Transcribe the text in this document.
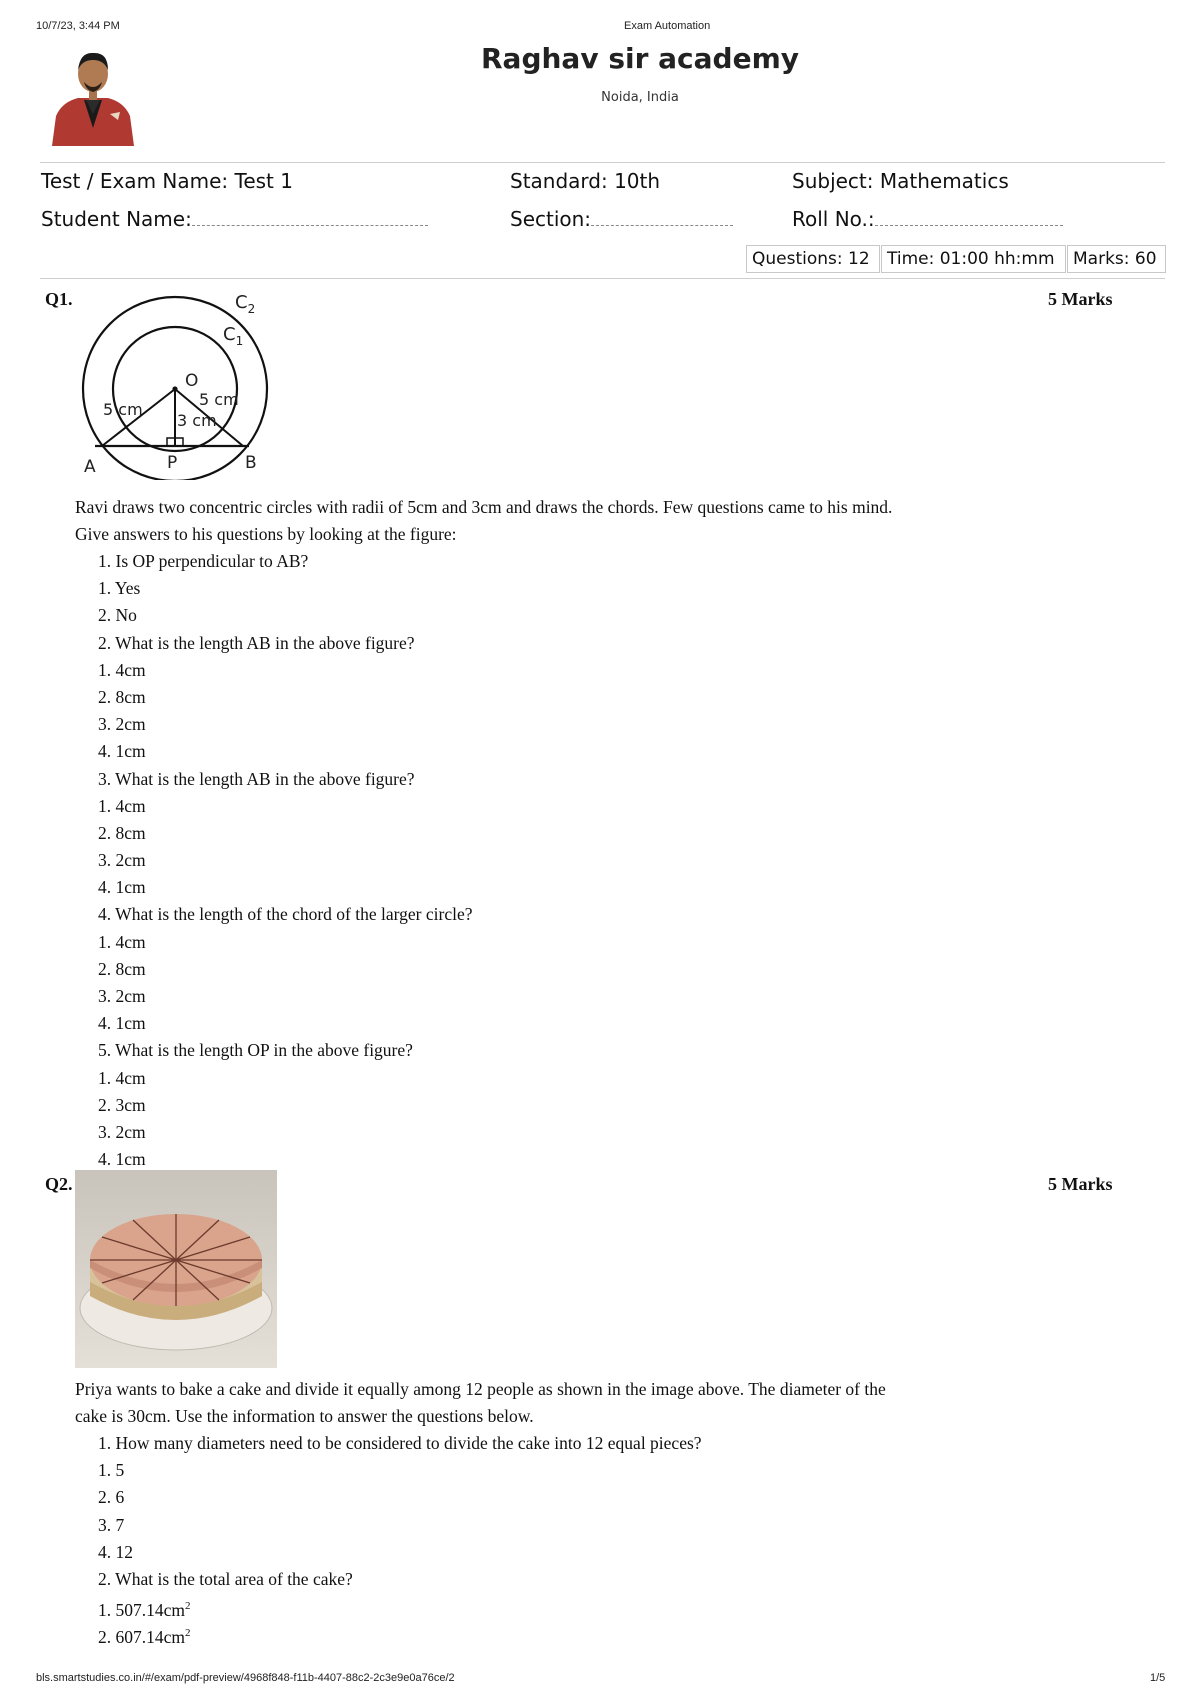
10/7/23, 3:44 PM	Exam Automation
Raghav sir academy
Noida, India
Test / Exam Name: Test 1	Standard: 10th	Subject: Mathematics
Student Name:	Section:	Roll No.:
Questions: 12	Time: 01:00 hh:mm	Marks: 60
Q1.	5 Marks
$C_2$
$C_1$
O
5 cm
5 cm
3 cm
A	P	B
Ravi draws two concentric circles with radii of 5cm and 3cm and draws the chords. Few questions came to his mind. Give answers to his questions by looking at the figure:
1. Is OP perpendicular to AB?
1. Yes
2. No
2. What is the length AB in the above figure?
1. 4cm
2. 8cm
3. 2cm
4. 1cm
3. What is the length AB in the above figure?
1. 4cm
2. 8cm
3. 2cm
4. 1cm
4. What is the length of the chord of the larger circle?
1. 4cm
2. 8cm
3. 2cm
4. 1cm
5. What is the length OP in the above figure?
1. 4cm
2. 3cm
3. 2cm
4. 1cm
Q2.	5 Marks
Priya wants to bake a cake and divide it equally among 12 people as shown in the image above. The diameter of the cake is 30cm. Use the information to answer the questions below.
1. How many diameters need to be considered to divide the cake into 12 equal pieces?
1. 5
2. 6
3. 7
4. 12
2. What is the total area of the cake?
1. $507.14cm^2$
2. $607.14cm^2$
bls.smartstudies.co.in/#/exam/pdf-preview/4968f848-f11b-4407-88c2-2c3e9e0a76ce/2	1/5
